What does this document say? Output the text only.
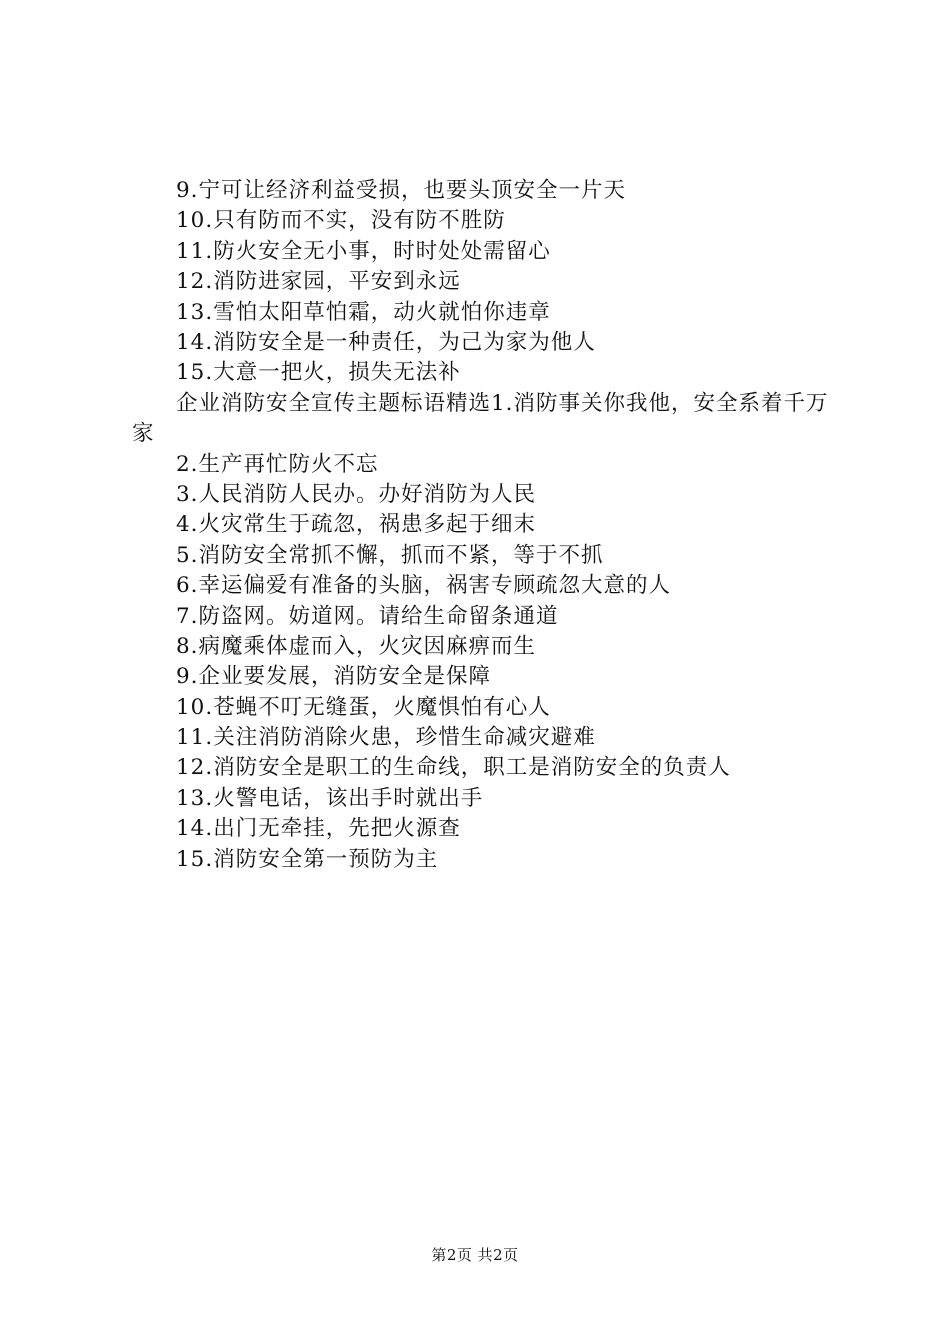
9.宁可让经济利益受损，也要头顶安全一片天
10.只有防而不实，没有防不胜防
11.防火安全无小事，时时处处需留心
12.消防进家园，平安到永远
13.雪怕太阳草怕霜，动火就怕你违章
14.消防安全是一种责任，为己为家为他人
15.大意一把火，损失无法补
企业消防安全宣传主题标语精选1.消防事关你我他，安全系着千万家
2.生产再忙防火不忘
3.人民消防人民办。办好消防为人民
4.火灾常生于疏忽，祸患多起于细末
5.消防安全常抓不懈，抓而不紧，等于不抓
6.幸运偏爱有准备的头脑，祸害专顾疏忽大意的人
7.防盗网。妨道网。请给生命留条通道
8.病魔乘体虚而入，火灾因麻痹而生
9.企业要发展，消防安全是保障
10.苍蝇不叮无缝蛋，火魔惧怕有心人
11.关注消防消除火患，珍惜生命减灾避难
12.消防安全是职工的生命线，职工是消防安全的负责人
13.火警电话，该出手时就出手
14.出门无牵挂，先把火源查
15.消防安全第一预防为主
第2页 共2页
